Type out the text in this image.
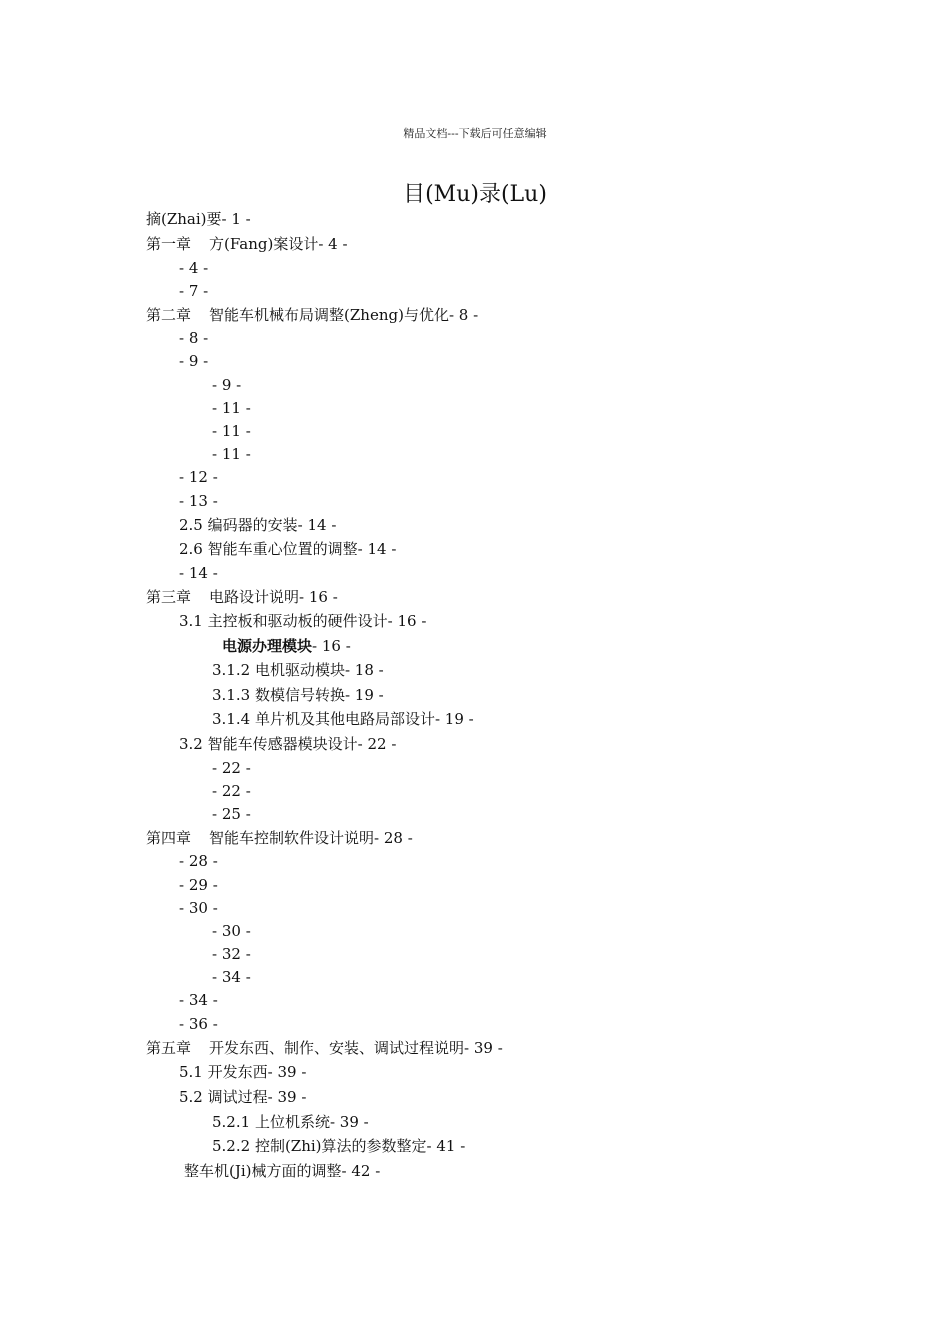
精品文档---下载后可任意编辑
目(Mu)录(Lu)
摘(Zhai)要- 1 -
第一章 方(Fang)案设计- 4 -
- 4 -
- 7 -
第二章 智能车机械布局调整(Zheng)与优化- 8 -
- 8 -
- 9 -
- 9 -
- 11 -
- 11 -
- 11 -
- 12 -
- 13 -
2.5 编码器的安装- 14 -
2.6 智能车重心位置的调整- 14 -
- 14 -
第三章 电路设计说明- 16 -
3.1 主控板和驱动板的硬件设计- 16 -
电源办理模块- 16 -
3.1.2 电机驱动模块- 18 -
3.1.3 数模信号转换- 19 -
3.1.4 单片机及其他电路局部设计- 19 -
3.2 智能车传感器模块设计- 22 -
- 22 -
- 22 -
- 25 -
第四章 智能车控制软件设计说明- 28 -
- 28 -
- 29 -
- 30 -
- 30 -
- 32 -
- 34 -
- 34 -
- 36 -
第五章 开发东西、制作、安装、调试过程说明- 39 -
5.1 开发东西- 39 -
5.2 调试过程- 39 -
5.2.1 上位机系统- 39 -
5.2.2 控制(Zhi)算法的参数整定- 41 -
整车机(Ji)械方面的调整- 42 -
